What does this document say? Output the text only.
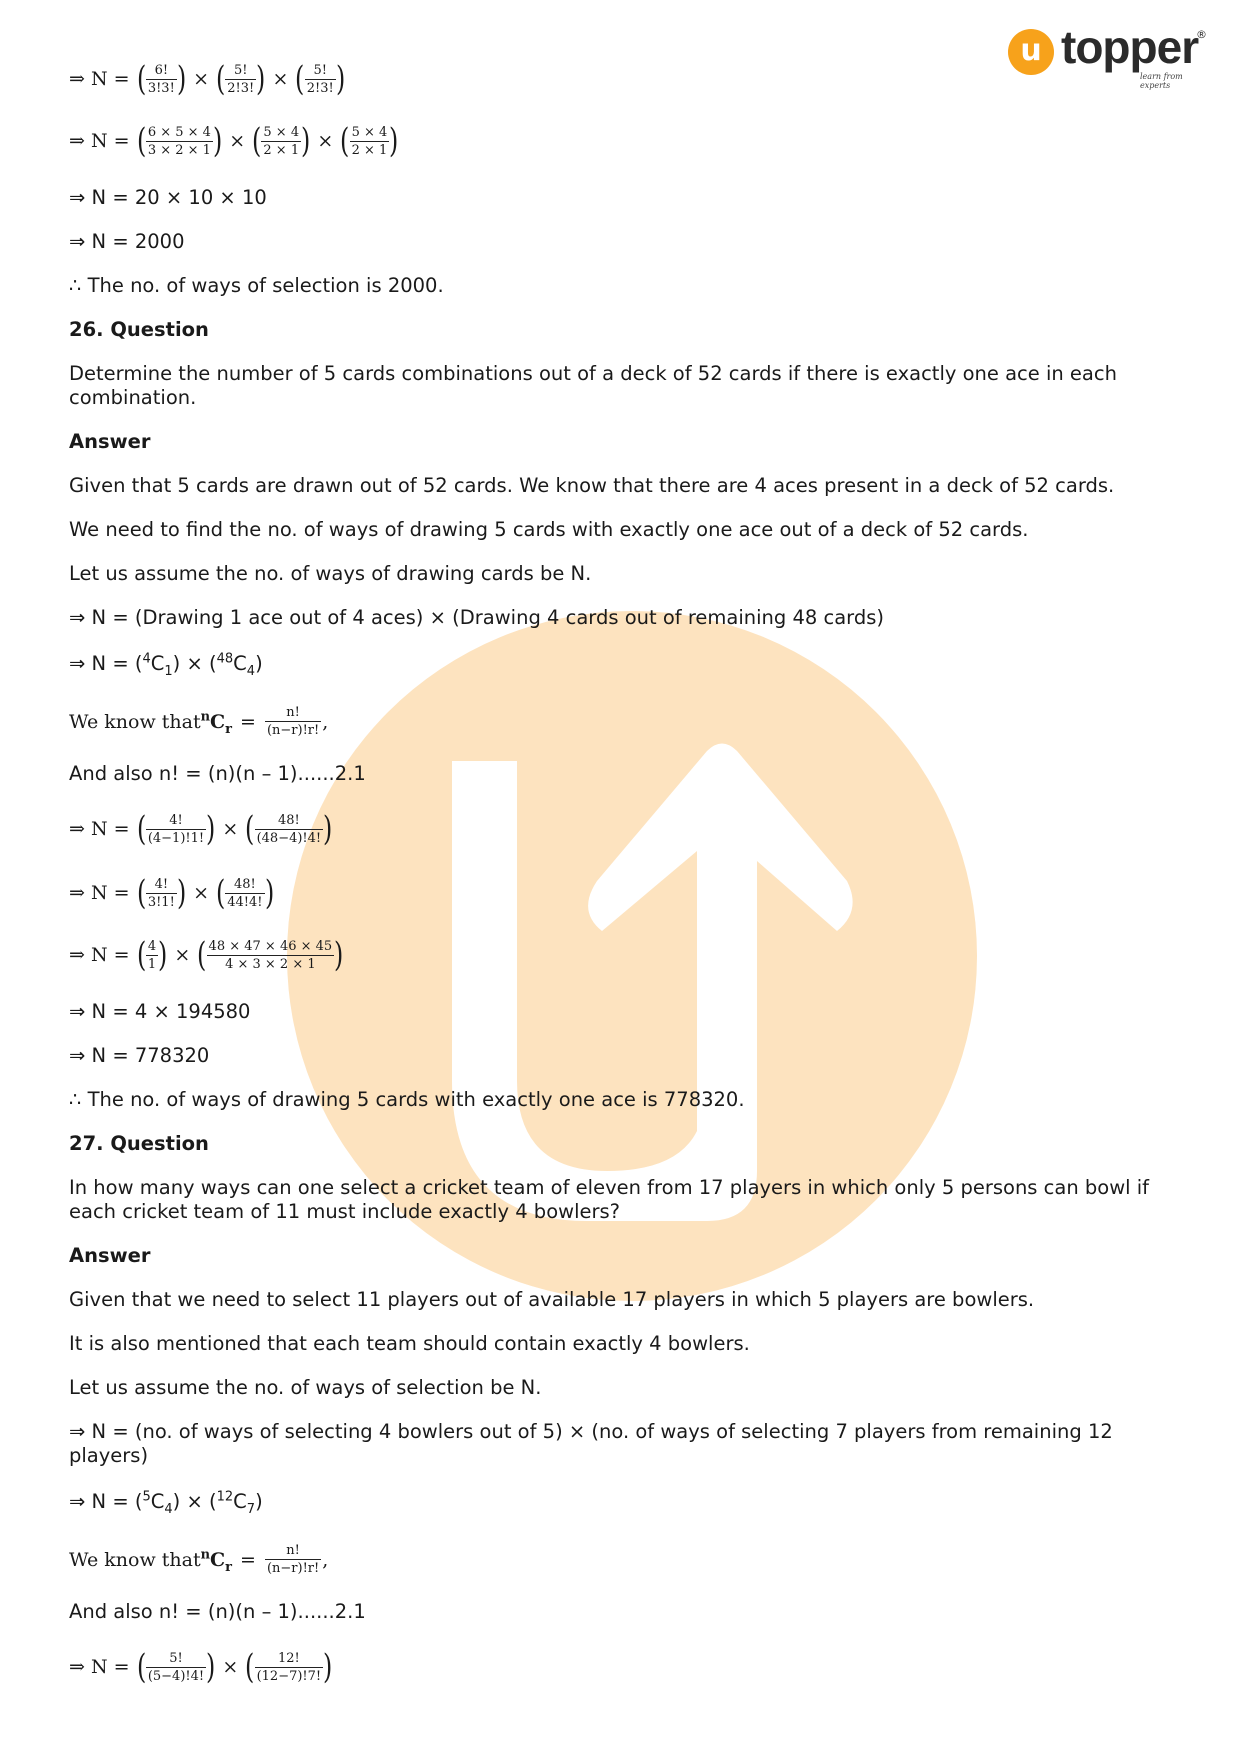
u topper
®
learn from experts
⇒ N = ( $\frac{6!}{3!3!}$ ) × ( $\frac{5!}{2!3!}$ ) × ( $\frac{5!}{2!3!}$ )
⇒ N = ( $\frac{6 \times 5 \times 4}{3 \times 2 \times 1}$ ) × ( $\frac{5 \times 4}{2 \times 1}$ ) × ( $\frac{5 \times 4}{2 \times 1}$ )
⇒ N = 20 × 10 × 10
⇒ N = 2000
∴ The no. of ways of selection is 2000.
26. Question
Determine the number of 5 cards combinations out of a deck of 52 cards if there is exactly one ace in each combination.
Answer
Given that 5 cards are drawn out of 52 cards. We know that there are 4 aces present in a deck of 52 cards.
We need to find the no. of ways of drawing 5 cards with exactly one ace out of a deck of 52 cards.
Let us assume the no. of ways of drawing cards be N.
⇒ N = (Drawing 1 ace out of 4 aces) × (Drawing 4 cards out of remaining 48 cards)
⇒ $N = (^4C_1) \times (^{48}C_4)$
We know that $^nC_r = \frac{n!}{(n-r)!r!}$ ,
And also n! = (n)(n – 1)......2.1
⇒ N = ( $\frac{4!}{(4-1)!1!}$ ) × ( $\frac{48!}{(48-4)!4!}$ )
⇒ N = ( $\frac{4!}{3!1!}$ ) × ( $\frac{48!}{44!4!}$ )
⇒ N = ( $\frac{4}{1}$ ) × ( $\frac{48 \times 47 \times 46 \times 45}{4 \times 3 \times 2 \times 1}$ )
⇒ N = 4 × 194580
⇒ N = 778320
∴ The no. of ways of drawing 5 cards with exactly one ace is 778320.
27. Question
In how many ways can one select a cricket team of eleven from 17 players in which only 5 persons can bowl if each cricket team of 11 must include exactly 4 bowlers?
Answer
Given that we need to select 11 players out of available 17 players in which 5 players are bowlers.
It is also mentioned that each team should contain exactly 4 bowlers.
Let us assume the no. of ways of selection be N.
⇒ N = (no. of ways of selecting 4 bowlers out of 5) × (no. of ways of selecting 7 players from remaining 12 players)
⇒ $N = (^5C_4) \times (^{12}C_7)$
We know that $^nC_r = \frac{n!}{(n-r)!r!}$ ,
And also n! = (n)(n – 1)......2.1
⇒ N = ( $\frac{5!}{(5-4)!4!}$ ) × ( $\frac{12!}{(12-7)!7!}$ )
